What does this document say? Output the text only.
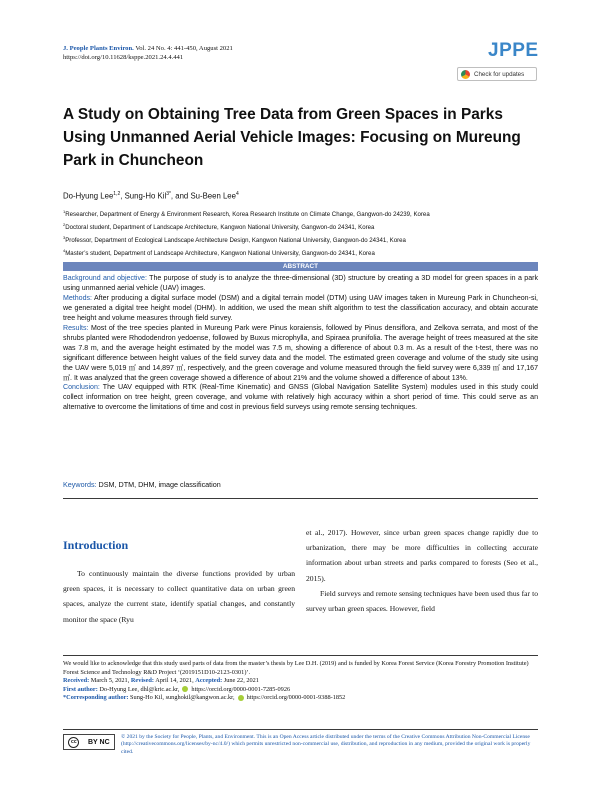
J. People Plants Environ. Vol. 24 No. 4: 441-450, August 2021
https://doi.org/10.11628/ksppe.2021.24.4.441	JPPE
Check for updates
A Study on Obtaining Tree Data from Green Spaces in Parks Using Unmanned Aerial Vehicle Images: Focusing on Mureung Park in Chuncheon
Do-Hyung Lee$^{1,2}$, Sung-Ho Kil$^{3*}$, and Su-Been Lee$^4$
$^1$Researcher, Department of Energy & Environment Research, Korea Research Institute on Climate Change, Gangwon-do 24239, Korea
$^2$Doctoral student, Department of Landscape Architecture, Kangwon National University, Gangwon-do 24341, Korea
$^3$Professor, Department of Ecological Landscape Architecture Design, Kangwon National University, Gangwon-do 24341, Korea
$^4$Master’s student, Department of Landscape Architecture, Kangwon National University, Gangwon-do 24341, Korea
ABSTRACT

Background and objective: The purpose of study is to analyze the three-dimensional (3D) structure by creating a 3D model for green spaces in a park using unmanned aerial vehicle (UAV) images.

Methods: After producing a digital surface model (DSM) and a digital terrain model (DTM) using UAV images taken in Mureung Park in Chuncheon-si, we generated a digital tree height model (DHM). In addition, we used the mean shift algorithm to test the classification accuracy, and obtain accurate tree height and volume measures through field survey.

Results: Most of the tree species planted in Mureung Park were Pinus koraiensis, followed by Pinus densiflora, and Zelkova serrata, and most of the shrubs planted were Rhododendron yedoense, followed by Buxus microphylla, and Spiraea prunifolia. The average height of trees measured at the site was 7.8 m, and the average height estimated by the model was 7.5 m, showing a difference of about 0.3 m. As a result of the t-test, there was no significant difference between height values of the field survey data and the model. The estimated green coverage and volume of the study site using the UAV were 5,019 ㎡ and 14,897 ㎥, respectively, and the green coverage and volume measured through the field survey were 6,339 ㎡ and 17,167 ㎥. It was analyzed that the green coverage showed a difference of about 21% and the volume showed a difference of about 13%.

Conclusion: The UAV equipped with RTK (Real-Time Kinematic) and GNSS (Global Navigation Satellite System) modules used in this study could collect information on tree height, green coverage, and volume with relatively high accuracy within a short period of time. This could serve as an alternative to overcome the limitations of time and cost in previous field surveys using remote sensing techniques.

Keywords: DSM, DTM, DHM, image classification
Introduction
To continuously maintain the diverse functions provided by urban green spaces, it is necessary to collect quantitative data on urban green spaces, analyze the current state, identify spatial changes, and constantly monitor the space (Ryu

et al., 2017). However, since urban green spaces change rapidly due to urbanization, there may be more difficulties in collecting accurate information about urban streets and parks compared to forests (Seo et al., 2015).

Field surveys and remote sensing techniques have been used thus far to survey urban green spaces. However, field

We would like to acknowledge that this study used parts of data from the master’s thesis by Lee D.H. (2019) and is funded by Korea Forest Service (Korea Forestry Promotion Institute) Forest Science and Technology R&D Project ‘(2019151D10-2123-0301)’.
Received: March 5, 2021, Revised: April 14, 2021, Accepted: June 22, 2021
First author: Do-Hyung Lee, dhl@kric.ac.kr, https://orcid.org/0000-0001-7285-0926
*Corresponding author: Sung-Ho Kil, sunghokil@kangwon.ac.kr, https://orcid.org/0000-0001-9388-1852
cc	BY NC
© 2021 by the Society for People, Plants, and Environment. This is an Open Access article distributed under the terms of the Creative Commons Attribution Non-Commercial License (http://creativecommons.org/licenses/by-nc/4.0/) which permits unrestricted non-commercial use, distribution, and reproduction in any medium, provided the original work is properly cited.
